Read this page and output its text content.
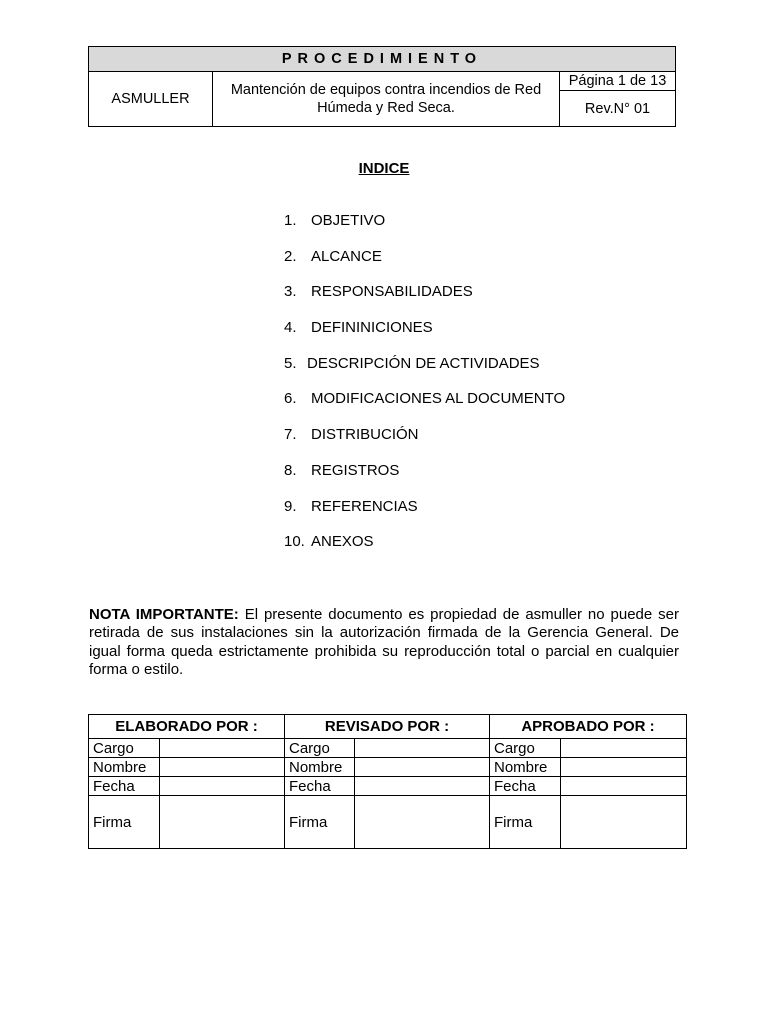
PROCEDIMIENTO
ASMULLER	Mantención de equipos contra incendios de Red Húmeda y Red Seca.	Página 1 de 13
Rev.N° 01
INDICE
1. OBJETIVO
2. ALCANCE
3. RESPONSABILIDADES
4. DEFININICIONES
5. DESCRIPCIÓN DE ACTIVIDADES
6. MODIFICACIONES AL DOCUMENTO
7. DISTRIBUCIÓN
8. REGISTROS
9. REFERENCIAS
10. ANEXOS
NOTA IMPORTANTE: El presente documento es propiedad de asmuller no puede ser retirada de sus instalaciones sin la autorización firmada de la Gerencia General. De igual forma queda estrictamente prohibida su reproducción total o parcial en cualquier forma o estilo.
ELABORADO POR :		REVISADO POR :		APROBADO POR :	
Cargo		Cargo		Cargo	
Nombre		Nombre		Nombre	
Fecha		Fecha		Fecha	
Firma		Firma		Firma	
